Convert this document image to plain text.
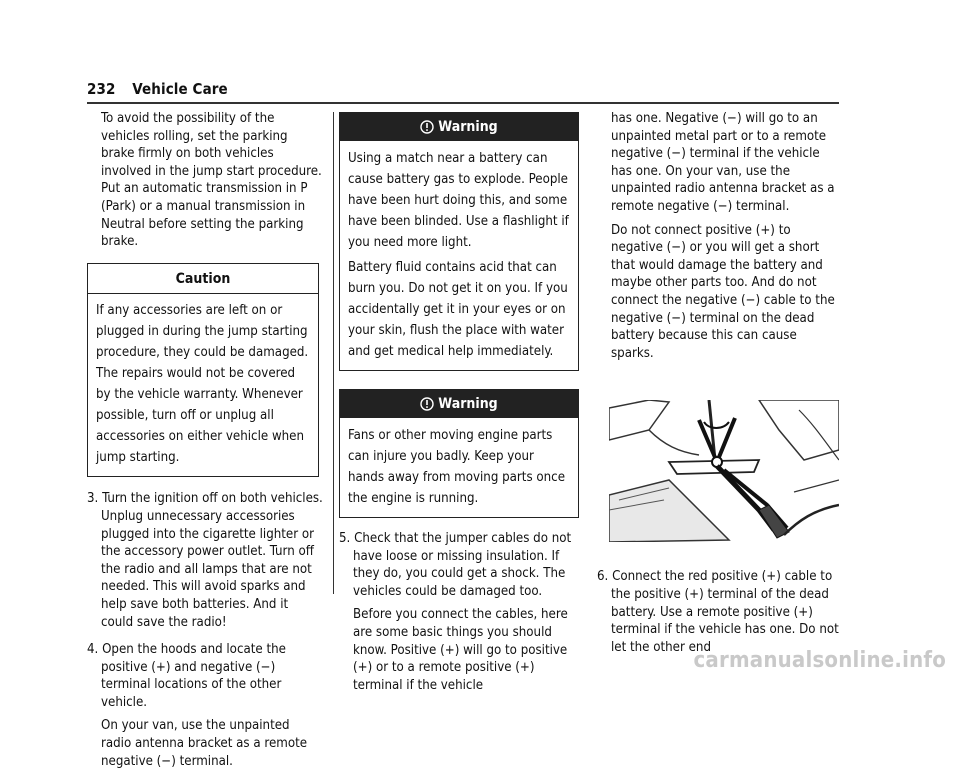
232 Vehicle Care

To avoid the possibility of the vehicles rolling, set the parking brake firmly on both vehicles involved in the jump start procedure. Put an automatic transmission in P (Park) or a manual transmission in Neutral before setting the parking brake.

Caution
If any accessories are left on or plugged in during the jump starting procedure, they could be damaged. The repairs would not be covered by the vehicle warranty. Whenever possible, turn off or unplug all accessories on either vehicle when jump starting.

3. Turn the ignition off on both vehicles. Unplug unnecessary accessories plugged into the cigarette lighter or the accessory power outlet. Turn off the radio and all lamps that are not needed. This will avoid sparks and help save both batteries. And it could save the radio!

4. Open the hoods and locate the positive (+) and negative (−) terminal locations of the other vehicle.

On your van, use the unpainted radio antenna bracket as a remote negative (−) terminal.

Warning

Using a match near a battery can cause battery gas to explode. People have been hurt doing this, and some have been blinded. Use a flashlight if you need more light.

Battery fluid contains acid that can burn you. Do not get it on you. If you accidentally get it in your eyes or on your skin, flush the place with water and get medical help immediately.

Warning

Fans or other moving engine parts can injure you badly. Keep your hands away from moving parts once the engine is running.

5. Check that the jumper cables do not have loose or missing insulation. If they do, you could get a shock. The vehicles could be damaged too.

Before you connect the cables, here are some basic things you should know. Positive (+) will go to positive (+) or to a remote positive (+) terminal if the vehicle

has one. Negative (−) will go to an unpainted metal part or to a remote negative (−) terminal if the vehicle has one. On your van, use the unpainted radio antenna bracket as a remote negative (−) terminal.

Do not connect positive (+) to negative (−) or you will get a short that would damage the battery and maybe other parts too. And do not connect the negative (−) cable to the negative (−) terminal on the dead battery because this can cause sparks.

6. Connect the red positive (+) cable to the positive (+) terminal of the dead battery. Use a remote positive (+) terminal if the vehicle has one. Do not let the other end

carmanualsonline.info
